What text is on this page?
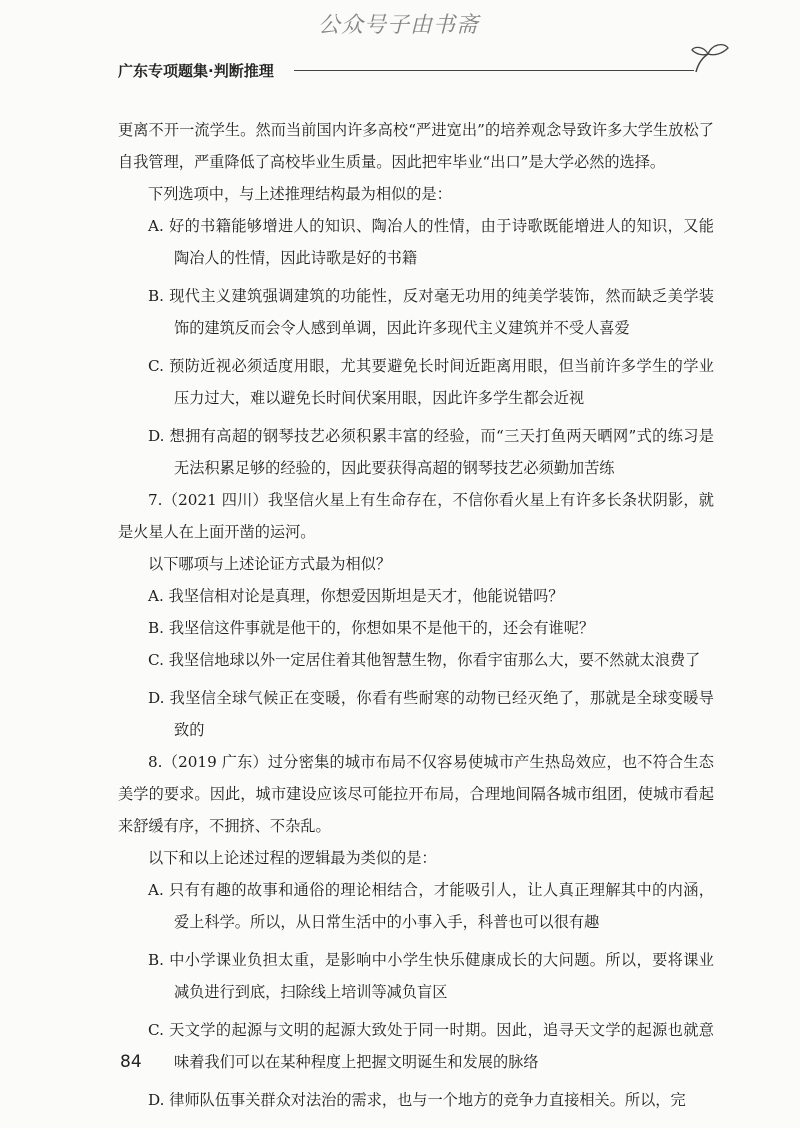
公众号子由书斋
广东专项题集·判断推理

更离不开一流学生。然而当前国内许多高校“严进宽出”的培养观念导致许多大学生放松了自我管理，严重降低了高校毕业生质量。因此把牢毕业“出口”是大学必然的选择。

下列选项中，与上述推理结构最为相似的是：

A. 好的书籍能够增进人的知识、陶冶人的性情，由于诗歌既能增进人的知识，又能陶冶人的性情，因此诗歌是好的书籍

B. 现代主义建筑强调建筑的功能性，反对毫无功用的纯美学装饰，然而缺乏美学装饰的建筑反而会令人感到单调，因此许多现代主义建筑并不受人喜爱

C. 预防近视必须适度用眼，尤其要避免长时间近距离用眼，但当前许多学生的学业压力过大，难以避免长时间伏案用眼，因此许多学生都会近视

D. 想拥有高超的钢琴技艺必须积累丰富的经验，而“三天打鱼两天晒网”式的练习是无法积累足够的经验的，因此要获得高超的钢琴技艺必须勤加苦练

7.（2021 四川）我坚信火星上有生命存在，不信你看火星上有许多长条状阴影，就是火星人在上面开凿的运河。

以下哪项与上述论证方式最为相似？

A. 我坚信相对论是真理，你想爱因斯坦是天才，他能说错吗？

B. 我坚信这件事就是他干的，你想如果不是他干的，还会有谁呢？

C. 我坚信地球以外一定居住着其他智慧生物，你看宇宙那么大，要不然就太浪费了

D. 我坚信全球气候正在变暖，你看有些耐寒的动物已经灭绝了，那就是全球变暖导致的

8.（2019 广东）过分密集的城市布局不仅容易使城市产生热岛效应，也不符合生态美学的要求。因此，城市建设应该尽可能拉开布局，合理地间隔各城市组团，使城市看起来舒缓有序，不拥挤、不杂乱。

以下和以上论述过程的逻辑最为类似的是：

A. 只有有趣的故事和通俗的理论相结合，才能吸引人，让人真正理解其中的内涵，爱上科学。所以，从日常生活中的小事入手，科普也可以很有趣

B. 中小学课业负担太重，是影响中小学生快乐健康成长的大问题。所以，要将课业减负进行到底，扫除线上培训等减负盲区

C. 天文学的起源与文明的起源大致处于同一时期。因此，追寻天文学的起源也就意味着我们可以在某种程度上把握文明诞生和发展的脉络

D. 律师队伍事关群众对法治的需求，也与一个地方的竞争力直接相关。所以，完

84
